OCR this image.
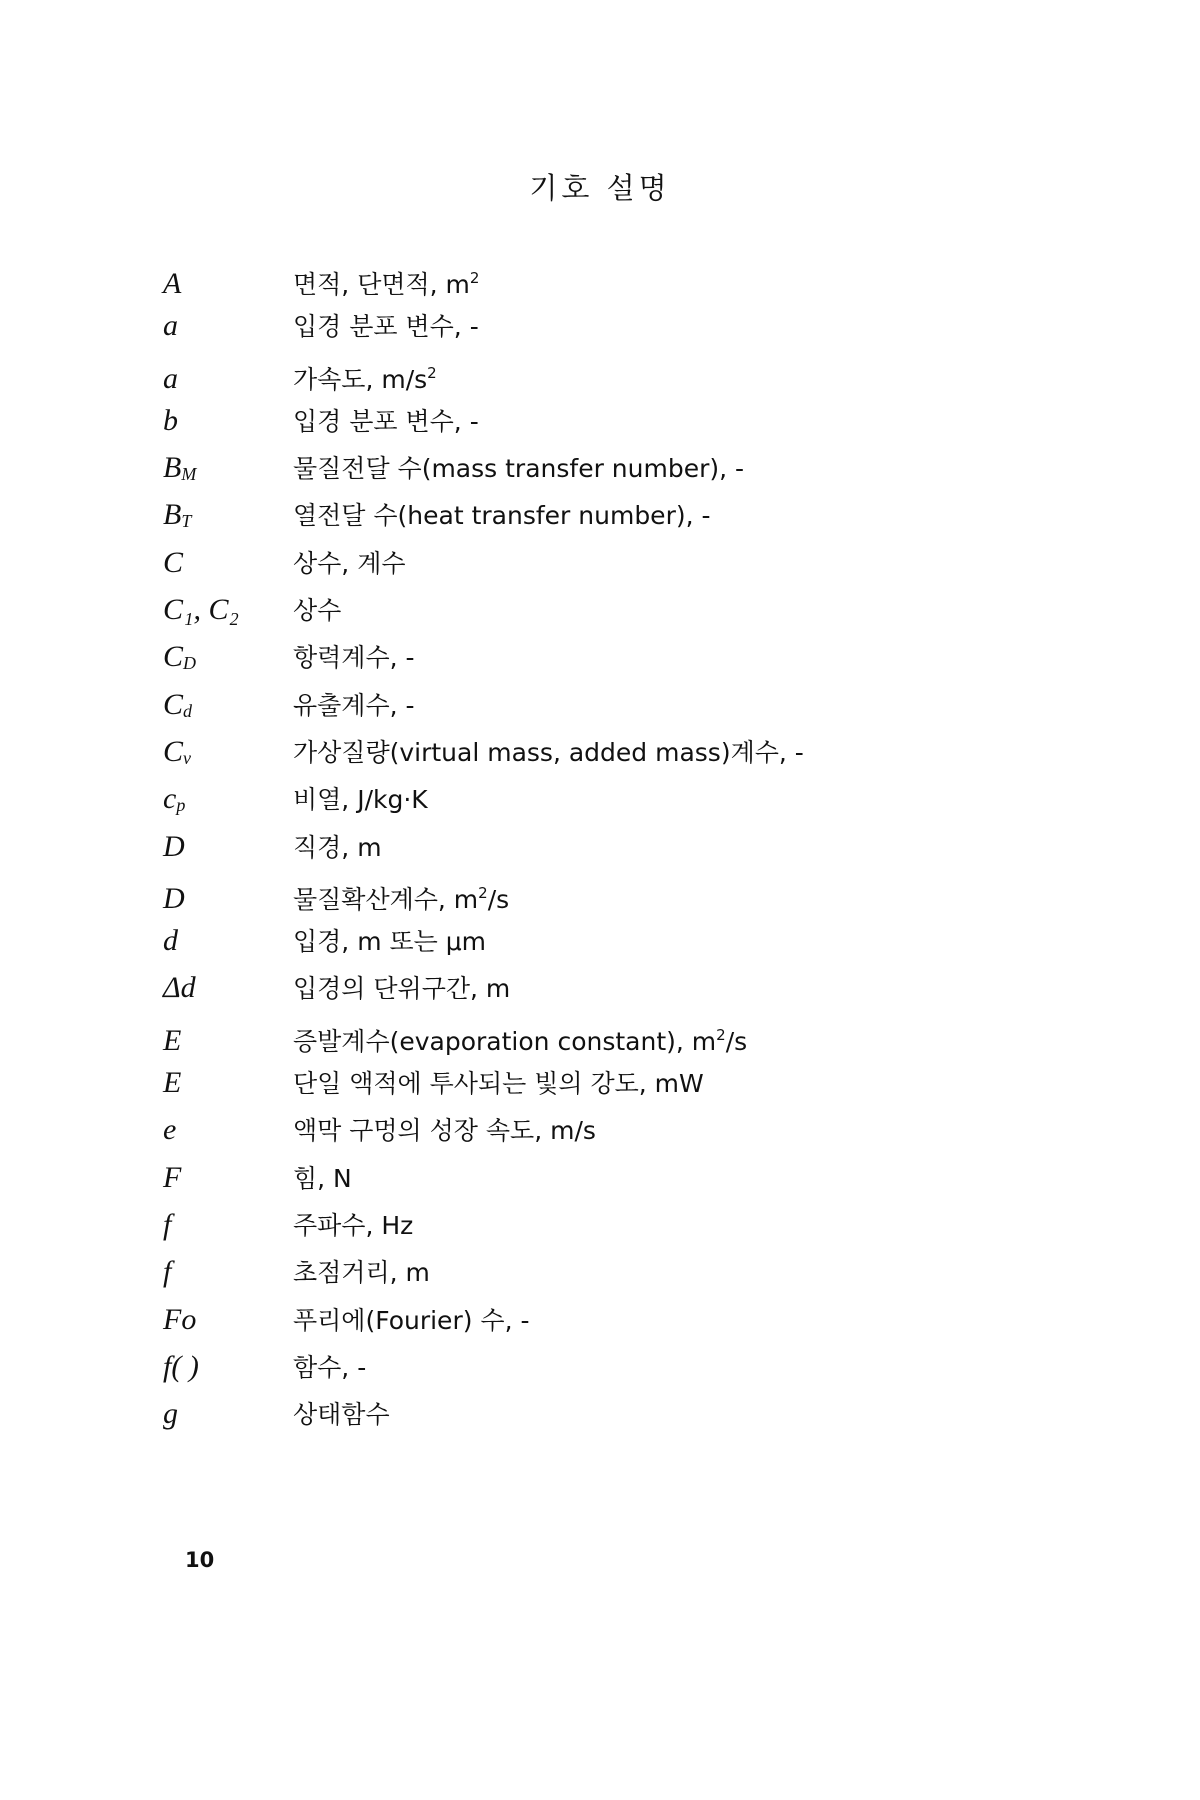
기호 설명
A	면적, 단면적, $m^2$
a	입경 분포 변수, -
a	가속도, $m/s^2$
b	입경 분포 변수, -
$B_M$	물질전달 수(mass transfer number), -
$B_T$	열전달 수(heat transfer number), -
C	상수, 계수
C₁, C₂	상수
$C_D$	항력계수, -
$C_d$	유출계수, -
$C_v$	가상질량(virtual mass, added mass)계수, -
$c_p$	비열, J/kg·K
D	직경, m
D	물질확산계수, $m^2/s$
d	입경, m 또는 μm
Δd	입경의 단위구간, m
E	증발계수(evaporation constant), $m^2/s$
E	단일 액적에 투사되는 빛의 강도, mW
e	액막 구멍의 성장 속도, m/s
F	힘, N
f	주파수, Hz
f	초점거리, m
Fo	푸리에(Fourier) 수, -
f( )	함수, -
g	상태함수
10
